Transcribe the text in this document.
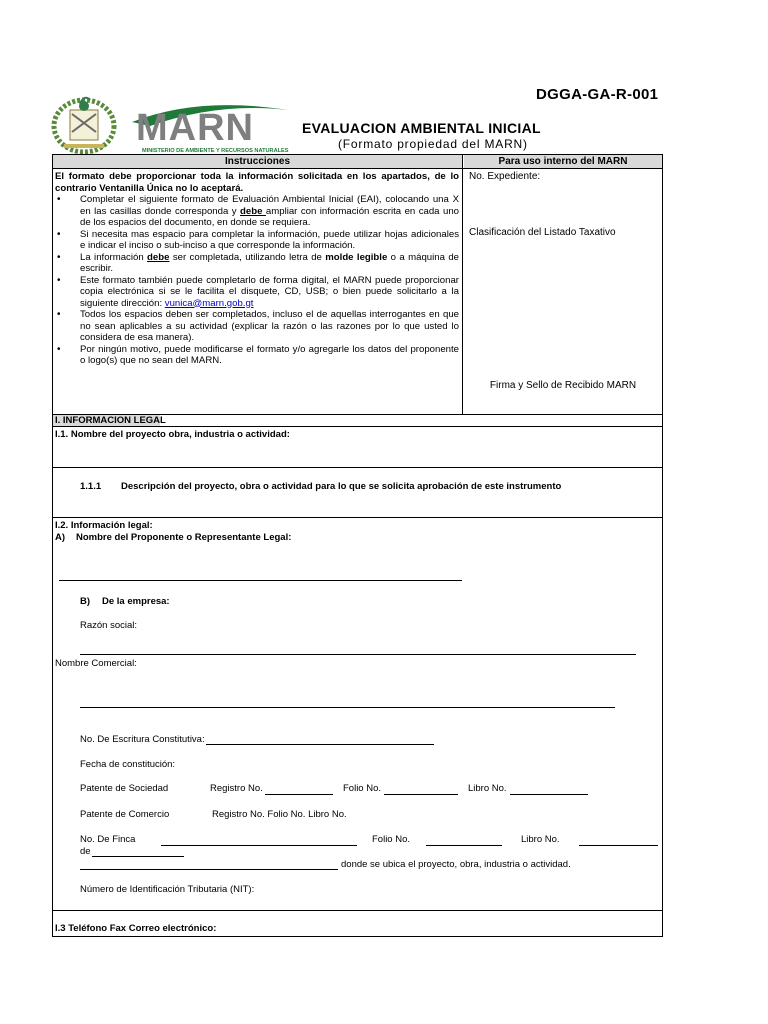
DGGA-GA-R-001
MARN
MINISTERIO DE AMBIENTE Y RECURSOS NATURALES
EVALUACION AMBIENTAL INICIAL
(Formato propiedad del MARN)
Instrucciones	Para uso interno del MARN

El formato debe proporcionar toda la información solicitada en los apartados, de lo contrario Ventanilla Única no lo aceptará.

• Completar el siguiente formato de Evaluación Ambiental Inicial (EAI), colocando una X en las casillas donde corresponda y debe ampliar con información escrita en cada uno de los espacios del documento, en donde se requiera.
• Si necesita mas espacio para completar la información, puede utilizar hojas adicionales e indicar el inciso o sub-inciso a que corresponde la información.
• La información debe ser completada, utilizando letra de molde legible o a máquina de escribir.
• Este formato también puede completarlo de forma digital, el MARN puede proporcionar copia electrónica si se le facilita el disquete, CD, USB; o bien puede solicitarlo a la siguiente dirección: vunica@marn.gob.gt
• Todos los espacios deben ser completados, incluso el de aquellas interrogantes en que no sean aplicables a su actividad (explicar la razón o las razones por lo que usted lo considera de esa manera).
• Por ningún motivo, puede modificarse el formato y/o agregarle los datos del proponente o logo(s) que no sean del MARN.
No. Expediente:
Clasificación del Listado Taxativo
Firma y Sello de Recibido MARN
I. INFORMACION LEGAL
I.1. Nombre del proyecto obra, industria o actividad:
1.1.1 Descripción del proyecto, obra o actividad para lo que se solicita aprobación de este instrumento
I.2. Información legal:
A) Nombre del Proponente o Representante Legal:
B) De la empresa:
Razón social:
Nombre Comercial:
No. De Escritura Constitutiva:
Fecha de constitución:
Patente de Sociedad	Registro No.	Folio No.	Libro No.
Patente de Comercio	Registro No. Folio No. Libro No.
No. De Finca	Folio No.	Libro No.
de
donde se ubica el proyecto, obra, industria o actividad.
Número de Identificación Tributaria (NIT):
I.3 Teléfono Fax Correo electrónico:
